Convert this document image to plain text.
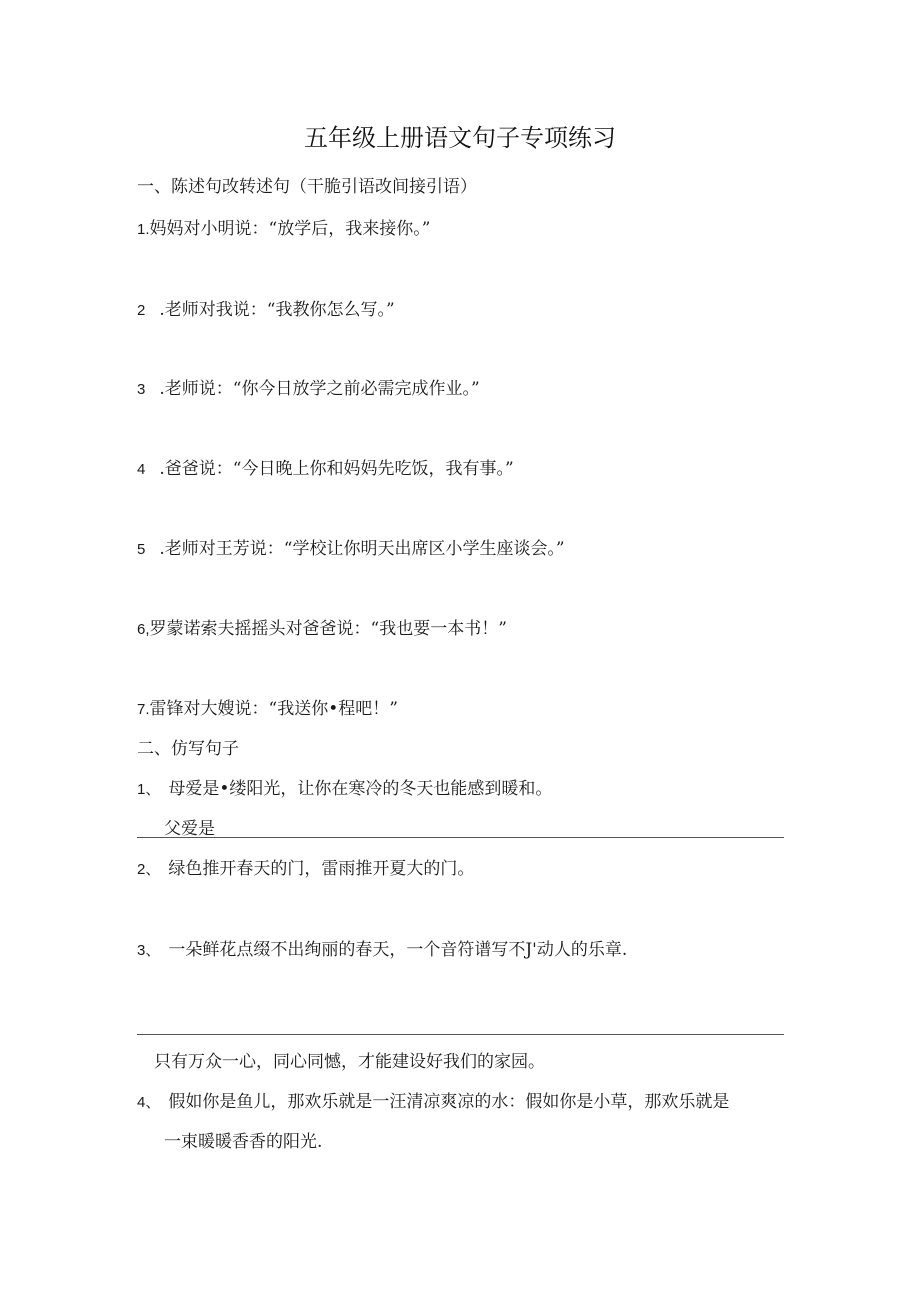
五年级上册语文句子专项练习
一、陈述句改转述句（干脆引语改间接引语）
1.妈妈对小明说：“放学后，我来接你。”
2 .老师对我说：“我教你怎么写。”
3 .老师说：“你今日放学之前必需完成作业。”
4 .爸爸说：“今日晚上你和妈妈先吃饭，我有事。”
5 .老师对王芳说：“学校让你明天出席区小学生座谈会。”
6,罗蒙诺索夫摇摇头对爸爸说：“我也要一本书！”
7.雷锋对大嫂说：“我送你•程吧！”
二、仿写句子
1、 母爱是•缕阳光，让你在寒冷的冬天也能感到暖和。
父爱是
2、 绿色推开春天的门，雷雨推开夏大的门。
3、 一朵鲜花点缀不出绚丽的春天，一个音符谱写不J'动人的乐章.
只有万众一心，同心同憾，才能建设好我们的家园。
4、 假如你是鱼儿，那欢乐就是一汪清凉爽凉的水：假如你是小草，那欢乐就是
一束暖暖香香的阳光.
